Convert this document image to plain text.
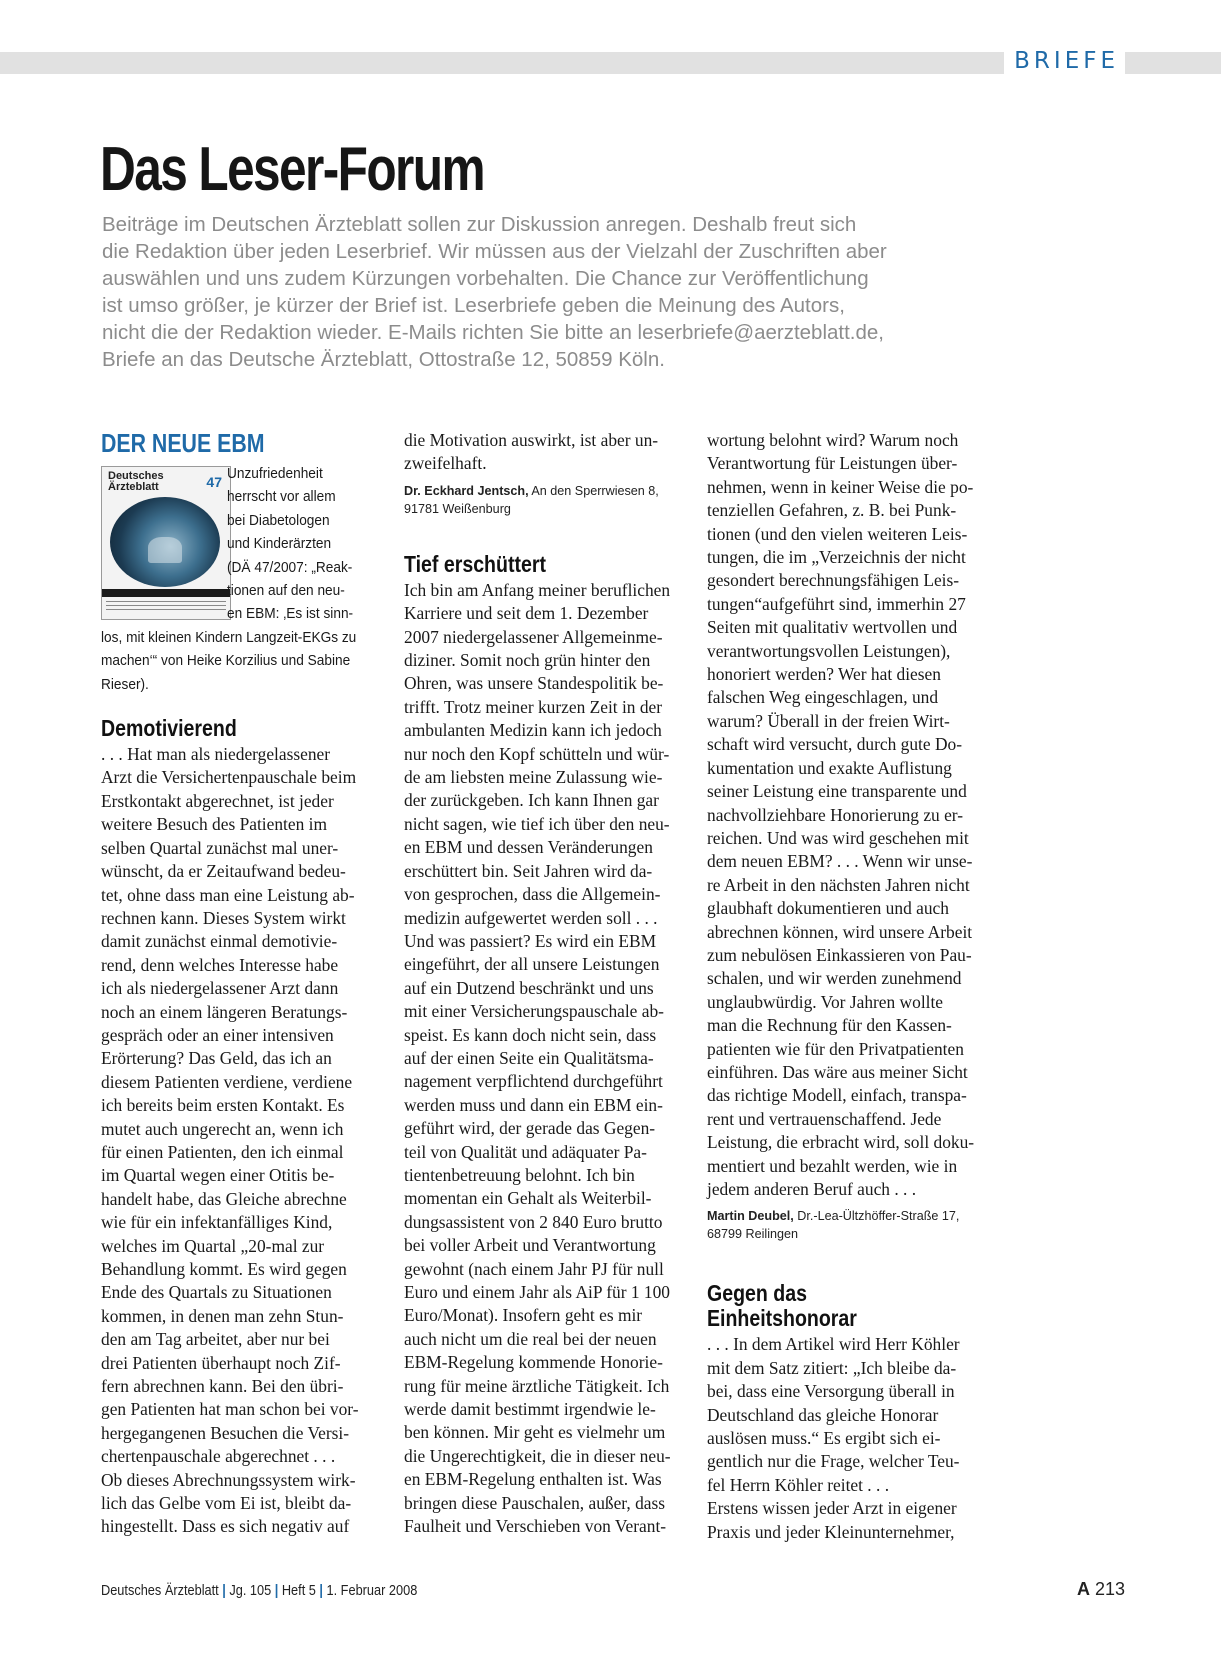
BRIEFE
Das Leser-Forum

Beiträge im Deutschen Ärzteblatt sollen zur Diskussion anregen. Deshalb freut sich
die Redaktion über jeden Leserbrief. Wir müssen aus der Vielzahl der Zuschriften aber
auswählen und uns zudem Kürzungen vorbehalten. Die Chance zur Veröffentlichung
ist umso größer, je kürzer der Brief ist. Leserbriefe geben die Meinung des Autors,
nicht die der Redaktion wieder. E-Mails richten Sie bitte an leserbriefe@aerzteblatt.de,
Briefe an das Deutsche Ärzteblatt, Ottostraße 12, 50859 Köln.

DER NEUE EBM
Deutsches Ärzteblatt	47 Unzufriedenheit
herrscht vor allem
bei Diabetologen
und Kinderärzten
(DÄ 47/2007: „Reak-
tionen auf den neu-
en EBM: ‚Es ist sinn-
los, mit kleinen Kindern Langzeit-EKGs zu
machen‘“ von Heike Korzilius und Sabine
Rieser).

Demotivierend

. . . Hat man als niedergelassener
Arzt die Versichertenpauschale beim
Erstkontakt abgerechnet, ist jeder
weitere Besuch des Patienten im
selben Quartal zunächst mal uner-
wünscht, da er Zeitaufwand bedeu-
tet, ohne dass man eine Leistung ab-
rechnen kann. Dieses System wirkt
damit zunächst einmal demotivie-
rend, denn welches Interesse habe
ich als niedergelassener Arzt dann
noch an einem längeren Beratungs-
gespräch oder an einer intensiven
Erörterung? Das Geld, das ich an
diesem Patienten verdiene, verdiene
ich bereits beim ersten Kontakt. Es
mutet auch ungerecht an, wenn ich
für einen Patienten, den ich einmal
im Quartal wegen einer Otitis be-
handelt habe, das Gleiche abrechne
wie für ein infektanfälliges Kind,
welches im Quartal „20-mal zur
Behandlung kommt. Es wird gegen
Ende des Quartals zu Situationen
kommen, in denen man zehn Stun-
den am Tag arbeitet, aber nur bei
drei Patienten überhaupt noch Zif-
fern abrechnen kann. Bei den übri-
gen Patienten hat man schon bei vor-
hergegangenen Besuchen die Versi-
chertenpauschale abgerechnet . . .
Ob dieses Abrechnungssystem wirk-
lich das Gelbe vom Ei ist, bleibt da-
hingestellt. Dass es sich negativ auf

die Motivation auswirkt, ist aber un-
zweifelhaft.

Dr. Eckhard Jentsch, An den Sperrwiesen 8,
91781 Weißenburg

Tief erschüttert

Ich bin am Anfang meiner beruflichen
Karriere und seit dem 1. Dezember
2007 niedergelassener Allgemeinme-
diziner. Somit noch grün hinter den
Ohren, was unsere Standespolitik be-
trifft. Trotz meiner kurzen Zeit in der
ambulanten Medizin kann ich jedoch
nur noch den Kopf schütteln und wür-
de am liebsten meine Zulassung wie-
der zurückgeben. Ich kann Ihnen gar
nicht sagen, wie tief ich über den neu-
en EBM und dessen Veränderungen
erschüttert bin. Seit Jahren wird da-
von gesprochen, dass die Allgemein-
medizin aufgewertet werden soll . . .
Und was passiert? Es wird ein EBM
eingeführt, der all unsere Leistungen
auf ein Dutzend beschränkt und uns
mit einer Versicherungspauschale ab-
speist. Es kann doch nicht sein, dass
auf der einen Seite ein Qualitätsma-
nagement verpflichtend durchgeführt
werden muss und dann ein EBM ein-
geführt wird, der gerade das Gegen-
teil von Qualität und adäquater Pa-
tientenbetreuung belohnt. Ich bin
momentan ein Gehalt als Weiterbil-
dungsassistent von 2 840 Euro brutto
bei voller Arbeit und Verantwortung
gewohnt (nach einem Jahr PJ für null
Euro und einem Jahr als AiP für 1 100
Euro/Monat). Insofern geht es mir
auch nicht um die real bei der neuen
EBM-Regelung kommende Honorie-
rung für meine ärztliche Tätigkeit. Ich
werde damit bestimmt irgendwie le-
ben können. Mir geht es vielmehr um
die Ungerechtigkeit, die in dieser neu-
en EBM-Regelung enthalten ist. Was
bringen diese Pauschalen, außer, dass
Faulheit und Verschieben von Verant-

wortung belohnt wird? Warum noch
Verantwortung für Leistungen über-
nehmen, wenn in keiner Weise die po-
tenziellen Gefahren, z. B. bei Punk-
tionen (und den vielen weiteren Leis-
tungen, die im „Verzeichnis der nicht
gesondert berechnungsfähigen Leis-
tungen“aufgeführt sind, immerhin 27
Seiten mit qualitativ wertvollen und
verantwortungsvollen Leistungen),
honoriert werden? Wer hat diesen
falschen Weg eingeschlagen, und
warum? Überall in der freien Wirt-
schaft wird versucht, durch gute Do-
kumentation und exakte Auflistung
seiner Leistung eine transparente und
nachvollziehbare Honorierung zu er-
reichen. Und was wird geschehen mit
dem neuen EBM? . . . Wenn wir unse-
re Arbeit in den nächsten Jahren nicht
glaubhaft dokumentieren und auch
abrechnen können, wird unsere Arbeit
zum nebulösen Einkassieren von Pau-
schalen, und wir werden zunehmend
unglaubwürdig. Vor Jahren wollte
man die Rechnung für den Kassen-
patienten wie für den Privatpatienten
einführen. Das wäre aus meiner Sicht
das richtige Modell, einfach, transpa-
rent und vertrauenschaffend. Jede
Leistung, die erbracht wird, soll doku-
mentiert und bezahlt werden, wie in
jedem anderen Beruf auch . . .

Martin Deubel, Dr.-Lea-Ültzhöffer-Straße 17,
68799 Reilingen

Gegen das
Einheitshonorar

. . . In dem Artikel wird Herr Köhler
mit dem Satz zitiert: „Ich bleibe da-
bei, dass eine Versorgung überall in
Deutschland das gleiche Honorar
auslösen muss.“ Es ergibt sich ei-
gentlich nur die Frage, welcher Teu-
fel Herrn Köhler reitet . . .
Erstens wissen jeder Arzt in eigener
Praxis und jeder Kleinunternehmer,

Deutsches Ärzteblatt | Jg. 105 | Heft 5 | 1. Februar 2008	A 213
